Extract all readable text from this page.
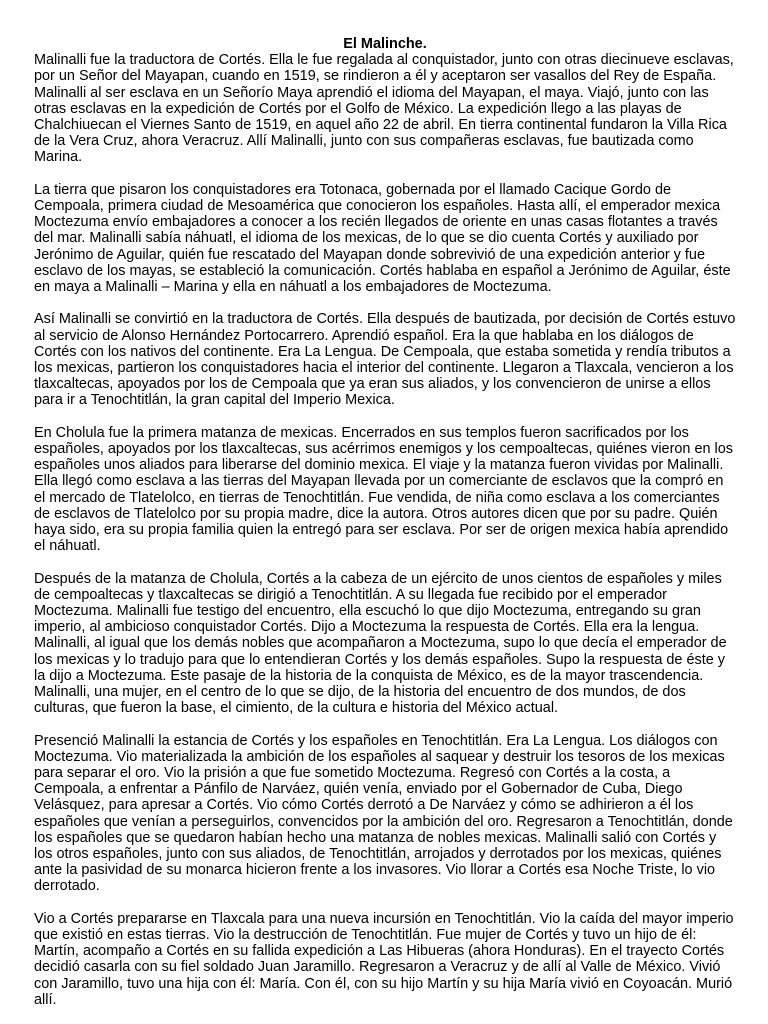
El Malinche.

Malinalli fue la traductora de Cortés. Ella le fue regalada al conquistador, junto con otras diecinueve esclavas, por un Señor del Mayapan, cuando en 1519, se rindieron a él y aceptaron ser vasallos del Rey de España. Malinalli al ser esclava en un Señorío Maya aprendió el idioma del Mayapan, el maya. Viajó, junto con las otras esclavas en la expedición de Cortés por el Golfo de México. La expedición llego a las playas de Chalchiuecan el Viernes Santo de 1519, en aquel año 22 de abril. En tierra continental fundaron la Villa Rica de la Vera Cruz, ahora Veracruz. Allí Malinalli, junto con sus compañeras esclavas, fue bautizada como Marina.

La tierra que pisaron los conquistadores era Totonaca, gobernada por el llamado Cacique Gordo de Cempoala, primera ciudad de Mesoamérica que conocieron los españoles. Hasta allí, el emperador mexica Moctezuma envío embajadores a conocer a los recién llegados de oriente en unas casas flotantes a través del mar. Malinalli sabía náhuatl, el idioma de los mexicas, de lo que se dio cuenta Cortés y auxiliado por Jerónimo de Aguilar, quién fue rescatado del Mayapan donde sobrevivió de una expedición anterior y fue esclavo de los mayas, se estableció la comunicación. Cortés hablaba en español a Jerónimo de Aguilar, éste en maya a Malinalli – Marina y ella en náhuatl a los embajadores de Moctezuma.

Así Malinalli se convirtió en la traductora de Cortés. Ella después de bautizada, por decisión de Cortés estuvo al servicio de Alonso Hernández Portocarrero. Aprendió español. Era la que hablaba en los diálogos de Cortés con los nativos del continente. Era La Lengua. De Cempoala, que estaba sometida y rendía tributos a los mexicas, partieron los conquistadores hacia el interior del continente. Llegaron a Tlaxcala, vencieron a los tlaxcaltecas, apoyados por los de Cempoala que ya eran sus aliados, y los convencieron de unirse a ellos para ir a Tenochtitlán, la gran capital del Imperio Mexica.

En Cholula fue la primera matanza de mexicas. Encerrados en sus templos fueron sacrificados por los españoles, apoyados por los tlaxcaltecas, sus acérrimos enemigos y los cempoaltecas, quiénes vieron en los españoles unos aliados para liberarse del dominio mexica. El viaje y la matanza fueron vividas por Malinalli. Ella llegó como esclava a las tierras del Mayapan llevada por un comerciante de esclavos que la compró en el mercado de Tlatelolco, en tierras de Tenochtitlán. Fue vendida, de niña como esclava a los comerciantes de esclavos de Tlatelolco por su propia madre, dice la autora. Otros autores dicen que por su padre. Quién haya sido, era su propia familia quien la entregó para ser esclava. Por ser de origen mexica había aprendido el náhuatl.

Después de la matanza de Cholula, Cortés a la cabeza de un ejército de unos cientos de españoles y miles de cempoaltecas y tlaxcaltecas se dirigió a Tenochtitlán. A su llegada fue recibido por el emperador Moctezuma. Malinalli fue testigo del encuentro, ella escuchó lo que dijo Moctezuma, entregando su gran imperio, al ambicioso conquistador Cortés. Dijo a Moctezuma la respuesta de Cortés. Ella era la lengua. Malinalli, al igual que los demás nobles que acompañaron a Moctezuma, supo lo que decía el emperador de los mexicas y lo tradujo para que lo entendieran Cortés y los demás españoles. Supo la respuesta de éste y la dijo a Moctezuma. Este pasaje de la historia de la conquista de México, es de la mayor trascendencia. Malinalli, una mujer, en el centro de lo que se dijo, de la historia del encuentro de dos mundos, de dos culturas, que fueron la base, el cimiento, de la cultura e historia del México actual.

Presenció Malinalli la estancia de Cortés y los españoles en Tenochtitlán. Era La Lengua. Los diálogos con Moctezuma. Vio materializada la ambición de los españoles al saquear y destruir los tesoros de los mexicas para separar el oro. Vio la prisión a que fue sometido Moctezuma. Regresó con Cortés a la costa, a Cempoala, a enfrentar a Pánfilo de Narváez, quién venía, enviado por el Gobernador de Cuba, Diego Velásquez, para apresar a Cortés. Vio cómo Cortés derrotó a De Narváez y cómo se adhirieron a él los españoles que venían a perseguirlos, convencidos por la ambición del oro. Regresaron a Tenochtitlán, donde los españoles que se quedaron habían hecho una matanza de nobles mexicas. Malinalli salió con Cortés y los otros españoles, junto con sus aliados, de Tenochtitlán, arrojados y derrotados por los mexicas, quiénes ante la pasividad de su monarca hicieron frente a los invasores. Vio llorar a Cortés esa Noche Triste, lo vio derrotado.

Vio a Cortés prepararse en Tlaxcala para una nueva incursión en Tenochtitlán. Vio la caída del mayor imperio que existió en estas tierras. Vio la destrucción de Tenochtitlán. Fue mujer de Cortés y tuvo un hijo de él: Martín, acompaño a Cortés en su fallida expedición a Las Hibueras (ahora Honduras). En el trayecto Cortés decidió casarla con su fiel soldado Juan Jaramillo. Regresaron a Veracruz y de allí al Valle de México. Vivió con Jaramillo, tuvo una hija con él: María. Con él, con su hijo Martín y su hija María vivió en Coyoacán. Murió allí.
